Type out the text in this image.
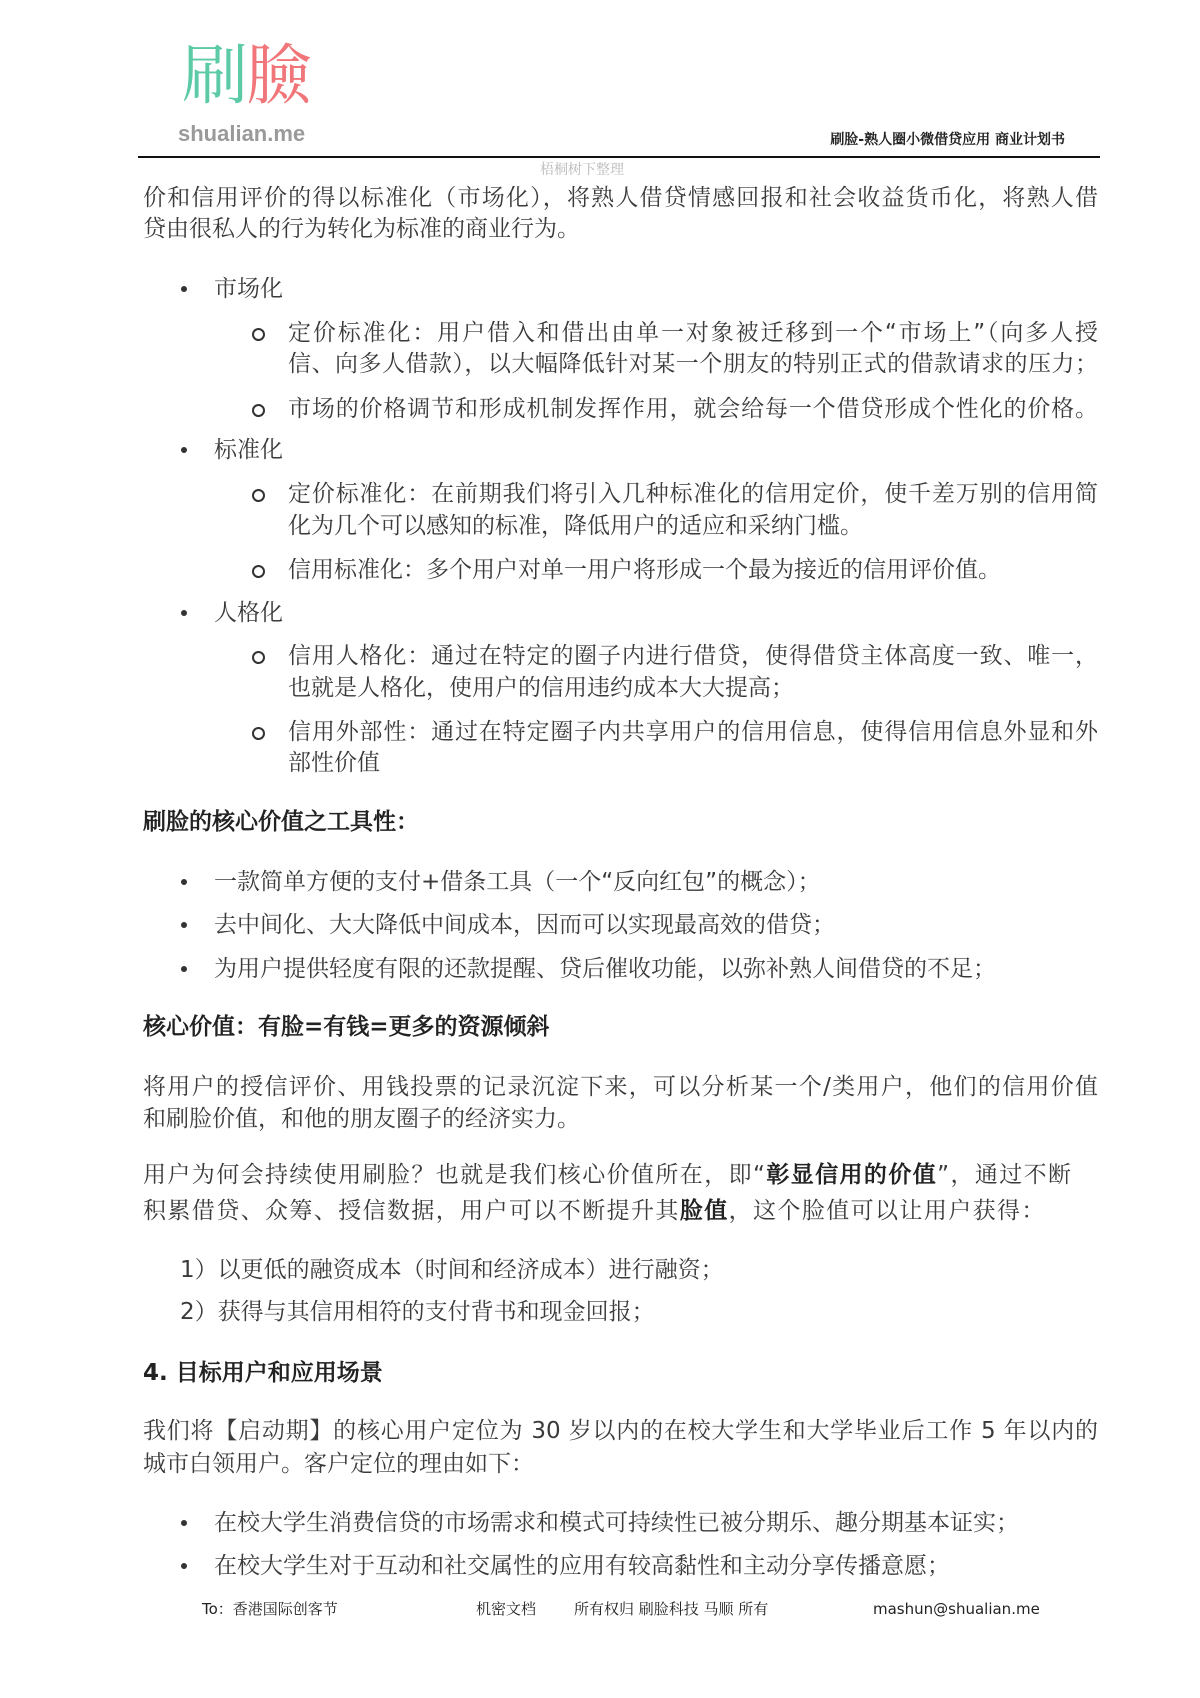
刷臉
shualian.me	刷脸-熟人圈小微借贷应用 商业计划书
梧桐树下整理
价和信用评价的得以标准化（市场化），将熟人借贷情感回报和社会收益货币化，将熟人借
贷由很私人的行为转化为标准的商业行为。
市场化
定价标准化：用户借入和借出由单一对象被迁移到一个“市场上”（向多人授
信、向多人借款），以大幅降低针对某一个朋友的特别正式的借款请求的压力；
市场的价格调节和形成机制发挥作用，就会给每一个借贷形成个性化的价格。
标准化
定价标准化：在前期我们将引入几种标准化的信用定价，使千差万别的信用简
化为几个可以感知的标准，降低用户的适应和采纳门槛。
信用标准化：多个用户对单一用户将形成一个最为接近的信用评价值。
人格化
信用人格化：通过在特定的圈子内进行借贷，使得借贷主体高度一致、唯一，
也就是人格化，使用户的信用违约成本大大提高；
信用外部性：通过在特定圈子内共享用户的信用信息，使得信用信息外显和外
部性价值
刷脸的核心价值之工具性：
一款简单方便的支付+借条工具（一个“反向红包”的概念）；
去中间化、大大降低中间成本，因而可以实现最高效的借贷；
为用户提供轻度有限的还款提醒、贷后催收功能，以弥补熟人间借贷的不足；
核心价值：有脸=有钱=更多的资源倾斜
将用户的授信评价、用钱投票的记录沉淀下来，可以分析某一个/类用户，他们的信用价值
和刷脸价值，和他的朋友圈子的经济实力。
用户为何会持续使用刷脸？也就是我们核心价值所在，即“彰显信用的价值”，通过不断
积累借贷、众筹、授信数据，用户可以不断提升其脸值，这个脸值可以让用户获得：
1）以更低的融资成本（时间和经济成本）进行融资；
2）获得与其信用相符的支付背书和现金回报；
4. 目标用户和应用场景
我们将【启动期】的核心用户定位为 30 岁以内的在校大学生和大学毕业后工作 5 年以内的
城市白领用户。客户定位的理由如下：
在校大学生消费信贷的市场需求和模式可持续性已被分期乐、趣分期基本证实；
在校大学生对于互动和社交属性的应用有较高黏性和主动分享传播意愿；
To：香港国际创客节	机密文档	所有权归 刷脸科技 马顺 所有	mashun@shualian.me
